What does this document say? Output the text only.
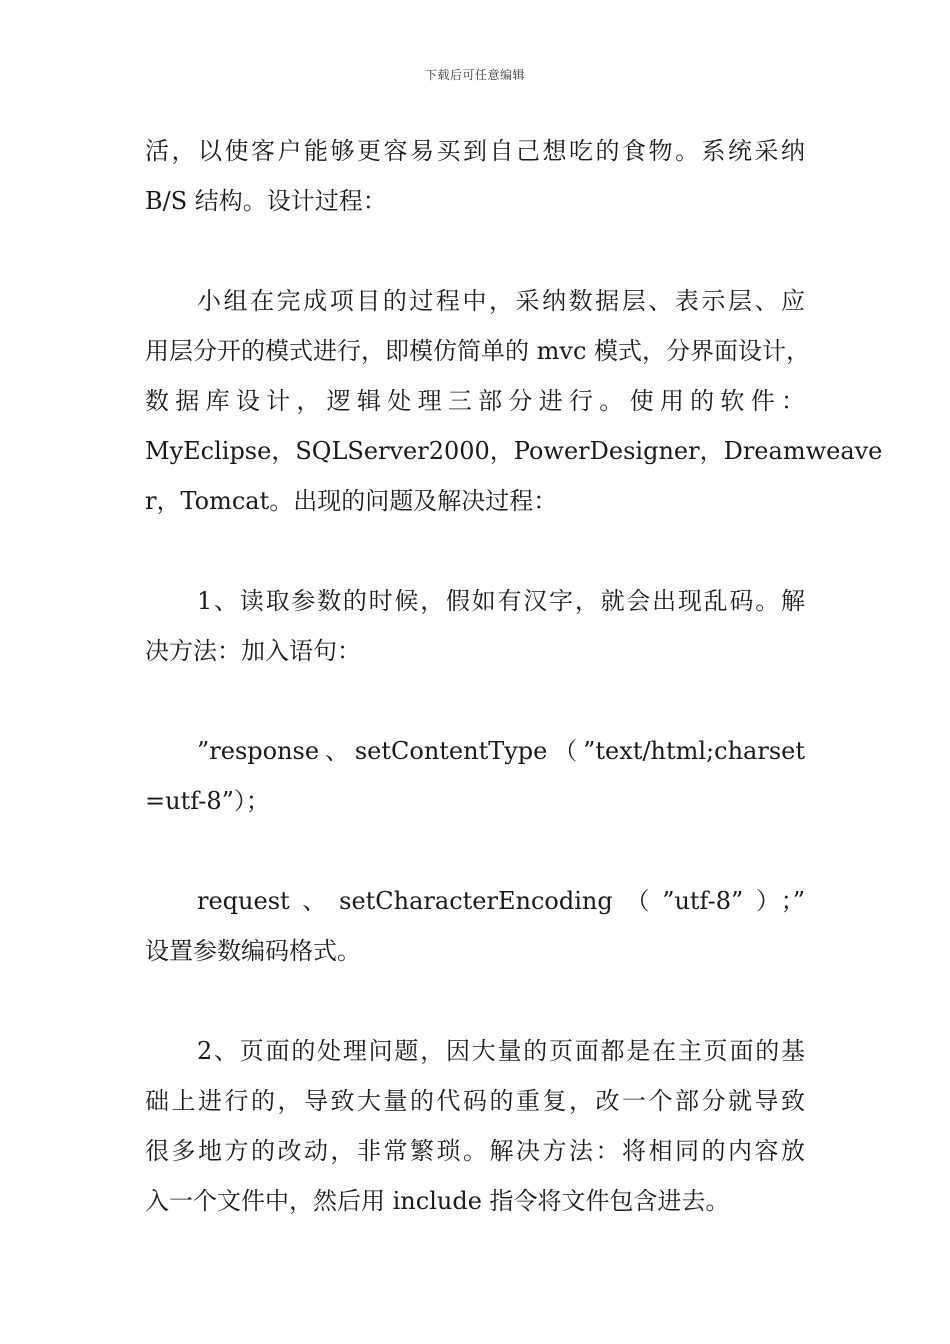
下载后可任意编辑
活，以使客户能够更容易买到自己想吃的食物。系统采纳
B/S 结构。设计过程：
小组在完成项目的过程中，采纳数据层、表示层、应
用层分开的模式进行，即模仿简单的 mvc 模式，分界面设计，
数据库设计，逻辑处理三部分进行。使用的软件：
MyEclipse，SQLServer2000，PowerDesigner，Dreamweave
r，Tomcat。出现的问题及解决过程：
1、读取参数的时候，假如有汉字，就会出现乱码。解
决方法：加入语句：
”response、setContentType（”text/html;charset
=utf-8”）；
request、setCharacterEncoding（”utf-8”）；”
设置参数编码格式。
2、页面的处理问题，因大量的页面都是在主页面的基
础上进行的，导致大量的代码的重复，改一个部分就导致
很多地方的改动，非常繁琐。解决方法：将相同的内容放
入一个文件中，然后用 include 指令将文件包含进去。
